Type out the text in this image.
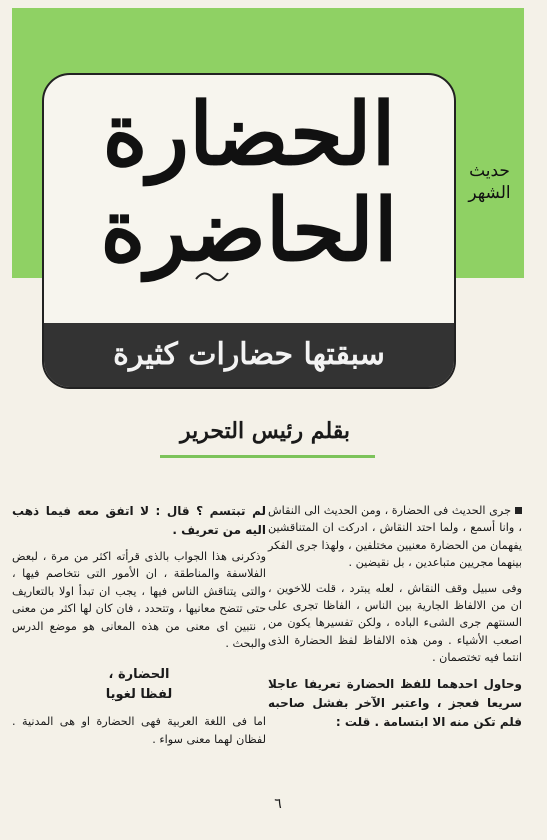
الحضارة
الحاضرة
سبقتها حضارات كثيرة
حديث
الشهر
بقلم رئيس التحرير

جرى الحديث فى الحضارة ، ومن الحديث الى النقاش ، وانا أسمع ، ولما احتد النقاش ، ادركت ان المتناقشين يفهمان من الحضارة معنيين مختلفين ، ولهذا جرى الفكر بينهما مجريين متباعدين ، بل نقيضين .

وفى سبيل وقف النقاش ، لعله يبترد ، قلت للاخوين ، ان من الالفاظ الجارية بين الناس ، الفاظا تجرى على السنتهم جرى الشىء الباده ، ولكن تفسيرها يكون من اصعب الأشياء . ومن هذه الالفاظ لفظ الحضارة الذى انتما فيه تختصمان .

وحاول احدهما للفظ الحضارة تعريفا عاجلا سريعا فعجز ، واعتبر الآخر بفشل صاحبه فلم تكن منه الا ابتسامة . قلت :

لم تبتسم ؟ قال : لا اتفق معه فيما ذهب اليه من تعريف .

وذكرنى هذا الجواب بالذى قرأته اكثر من مرة ، لبعض الفلاسفة والمناطقة ، ان الأمور التى نتخاصم فيها ، والتى يتناقش الناس فيها ، يجب ان تبدأ اولا بالتعاريف حتى تتضح معانيها ، وتتحدد ، فان كان لها اكثر من معنى ، نتبين اى معنى من هذه المعانى هو موضع الدرس والبحث .

الحضارة ،
لفظا لغويا

اما فى اللغة العربية فهى الحضارة او هى المدنية . لفظان لهما معنى سواء .

٦
